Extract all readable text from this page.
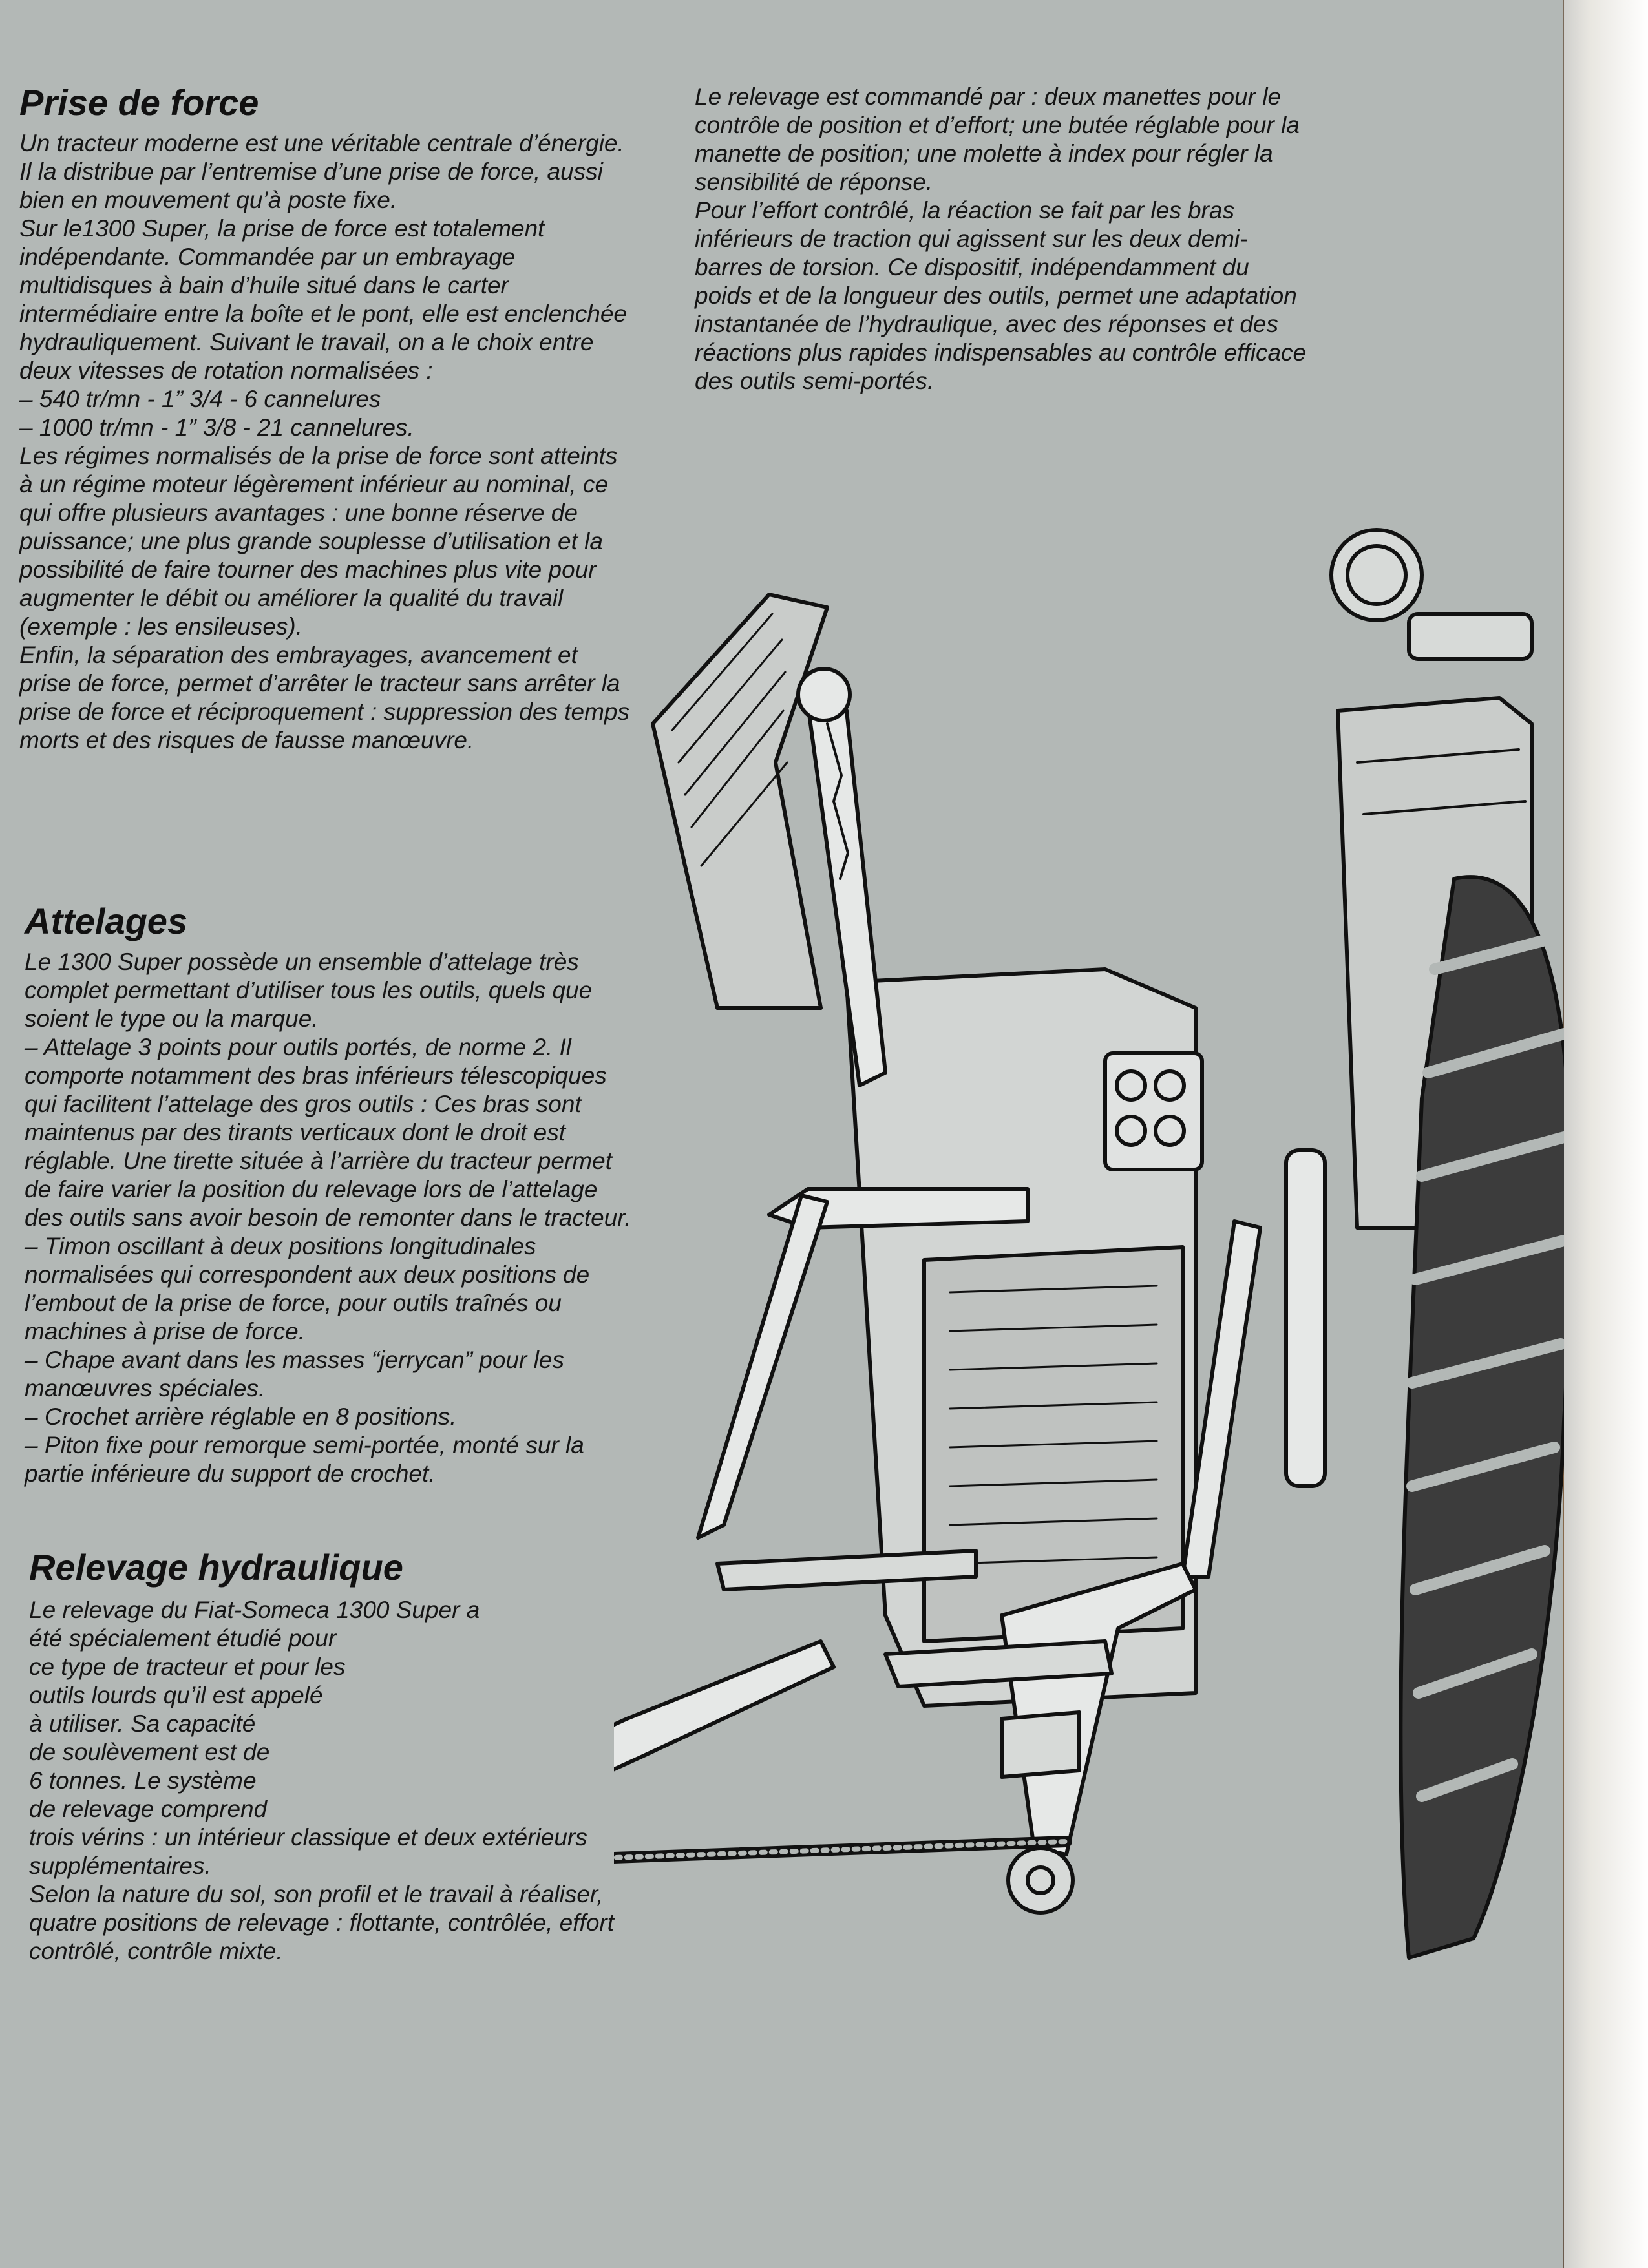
Prise de force

Un tracteur moderne est une véritable centrale d’énergie. Il la distribue par l’entremise d’une prise de force, aussi bien en mouvement qu’à poste fixe.

Sur le1300 Super, la prise de force est totalement indépendante. Commandée par un embrayage multidisques à bain d’huile situé dans le carter intermédiaire entre la boîte et le pont, elle est enclenchée hydrauliquement. Suivant le travail, on a le choix entre deux vitesses de rotation normalisées :

– 540 tr/mn - 1” 3/4 - 6 cannelures

– 1000 tr/mn - 1” 3/8 - 21 cannelures.

Les régimes normalisés de la prise de force sont atteints à un régime moteur légèrement inférieur au nominal, ce qui offre plusieurs avantages : une bonne réserve de puissance; une plus grande souplesse d’utilisation et la possibilité de faire tourner des machines plus vite pour augmenter le débit ou améliorer la qualité du travail (exemple : les ensileuses).

Enfin, la séparation des embrayages, avancement et prise de force, permet d’arrêter le tracteur sans arrêter la prise de force et réciproquement : suppression des temps morts et des risques de fausse manœuvre.

Attelages

Le 1300 Super possède un ensemble d’attelage très complet permettant d’utiliser tous les outils, quels que soient le type ou la marque.

– Attelage 3 points pour outils portés, de norme 2. Il comporte notamment des bras inférieurs télescopiques qui facilitent l’attelage des gros outils : Ces bras sont maintenus par des tirants verticaux dont le droit est réglable. Une tirette située à l’arrière du tracteur permet de faire varier la position du relevage lors de l’attelage des outils sans avoir besoin de remonter dans le tracteur.

– Timon oscillant à deux positions longitudinales normalisées qui correspondent aux deux positions de l’embout de la prise de force, pour outils traînés ou machines à prise de force.

– Chape avant dans les masses “jerrycan” pour les manœuvres spéciales.

– Crochet arrière réglable en 8 positions.

– Piton fixe pour remorque semi-portée, monté sur la partie inférieure du support de crochet.

Relevage hydraulique

Le relevage du Fiat-Someca 1300 Super a

été spécialement étudié pour

ce type de tracteur et pour les

outils lourds qu’il est appelé

à utiliser. Sa capacité

de soulèvement est de

6 tonnes. Le système

de relevage comprend

trois vérins : un intérieur classique et deux extérieurs supplémentaires.

Selon la nature du sol, son profil et le travail à réaliser, quatre positions de relevage : flottante, contrôlée, effort contrôlé, contrôle mixte.

Le relevage est commandé par : deux manettes pour le contrôle de position et d’effort; une butée réglable pour la manette de position; une molette à index pour régler la sensibilité de réponse.

Pour l’effort contrôlé, la réaction se fait par les bras inférieurs de traction qui agissent sur les deux demi-barres de torsion. Ce dispositif, indépendamment du poids et de la longueur des outils, permet une adaptation instantanée de l’hydraulique, avec des réponses et des réactions plus rapides indispensables au contrôle efficace des outils semi-portés.
